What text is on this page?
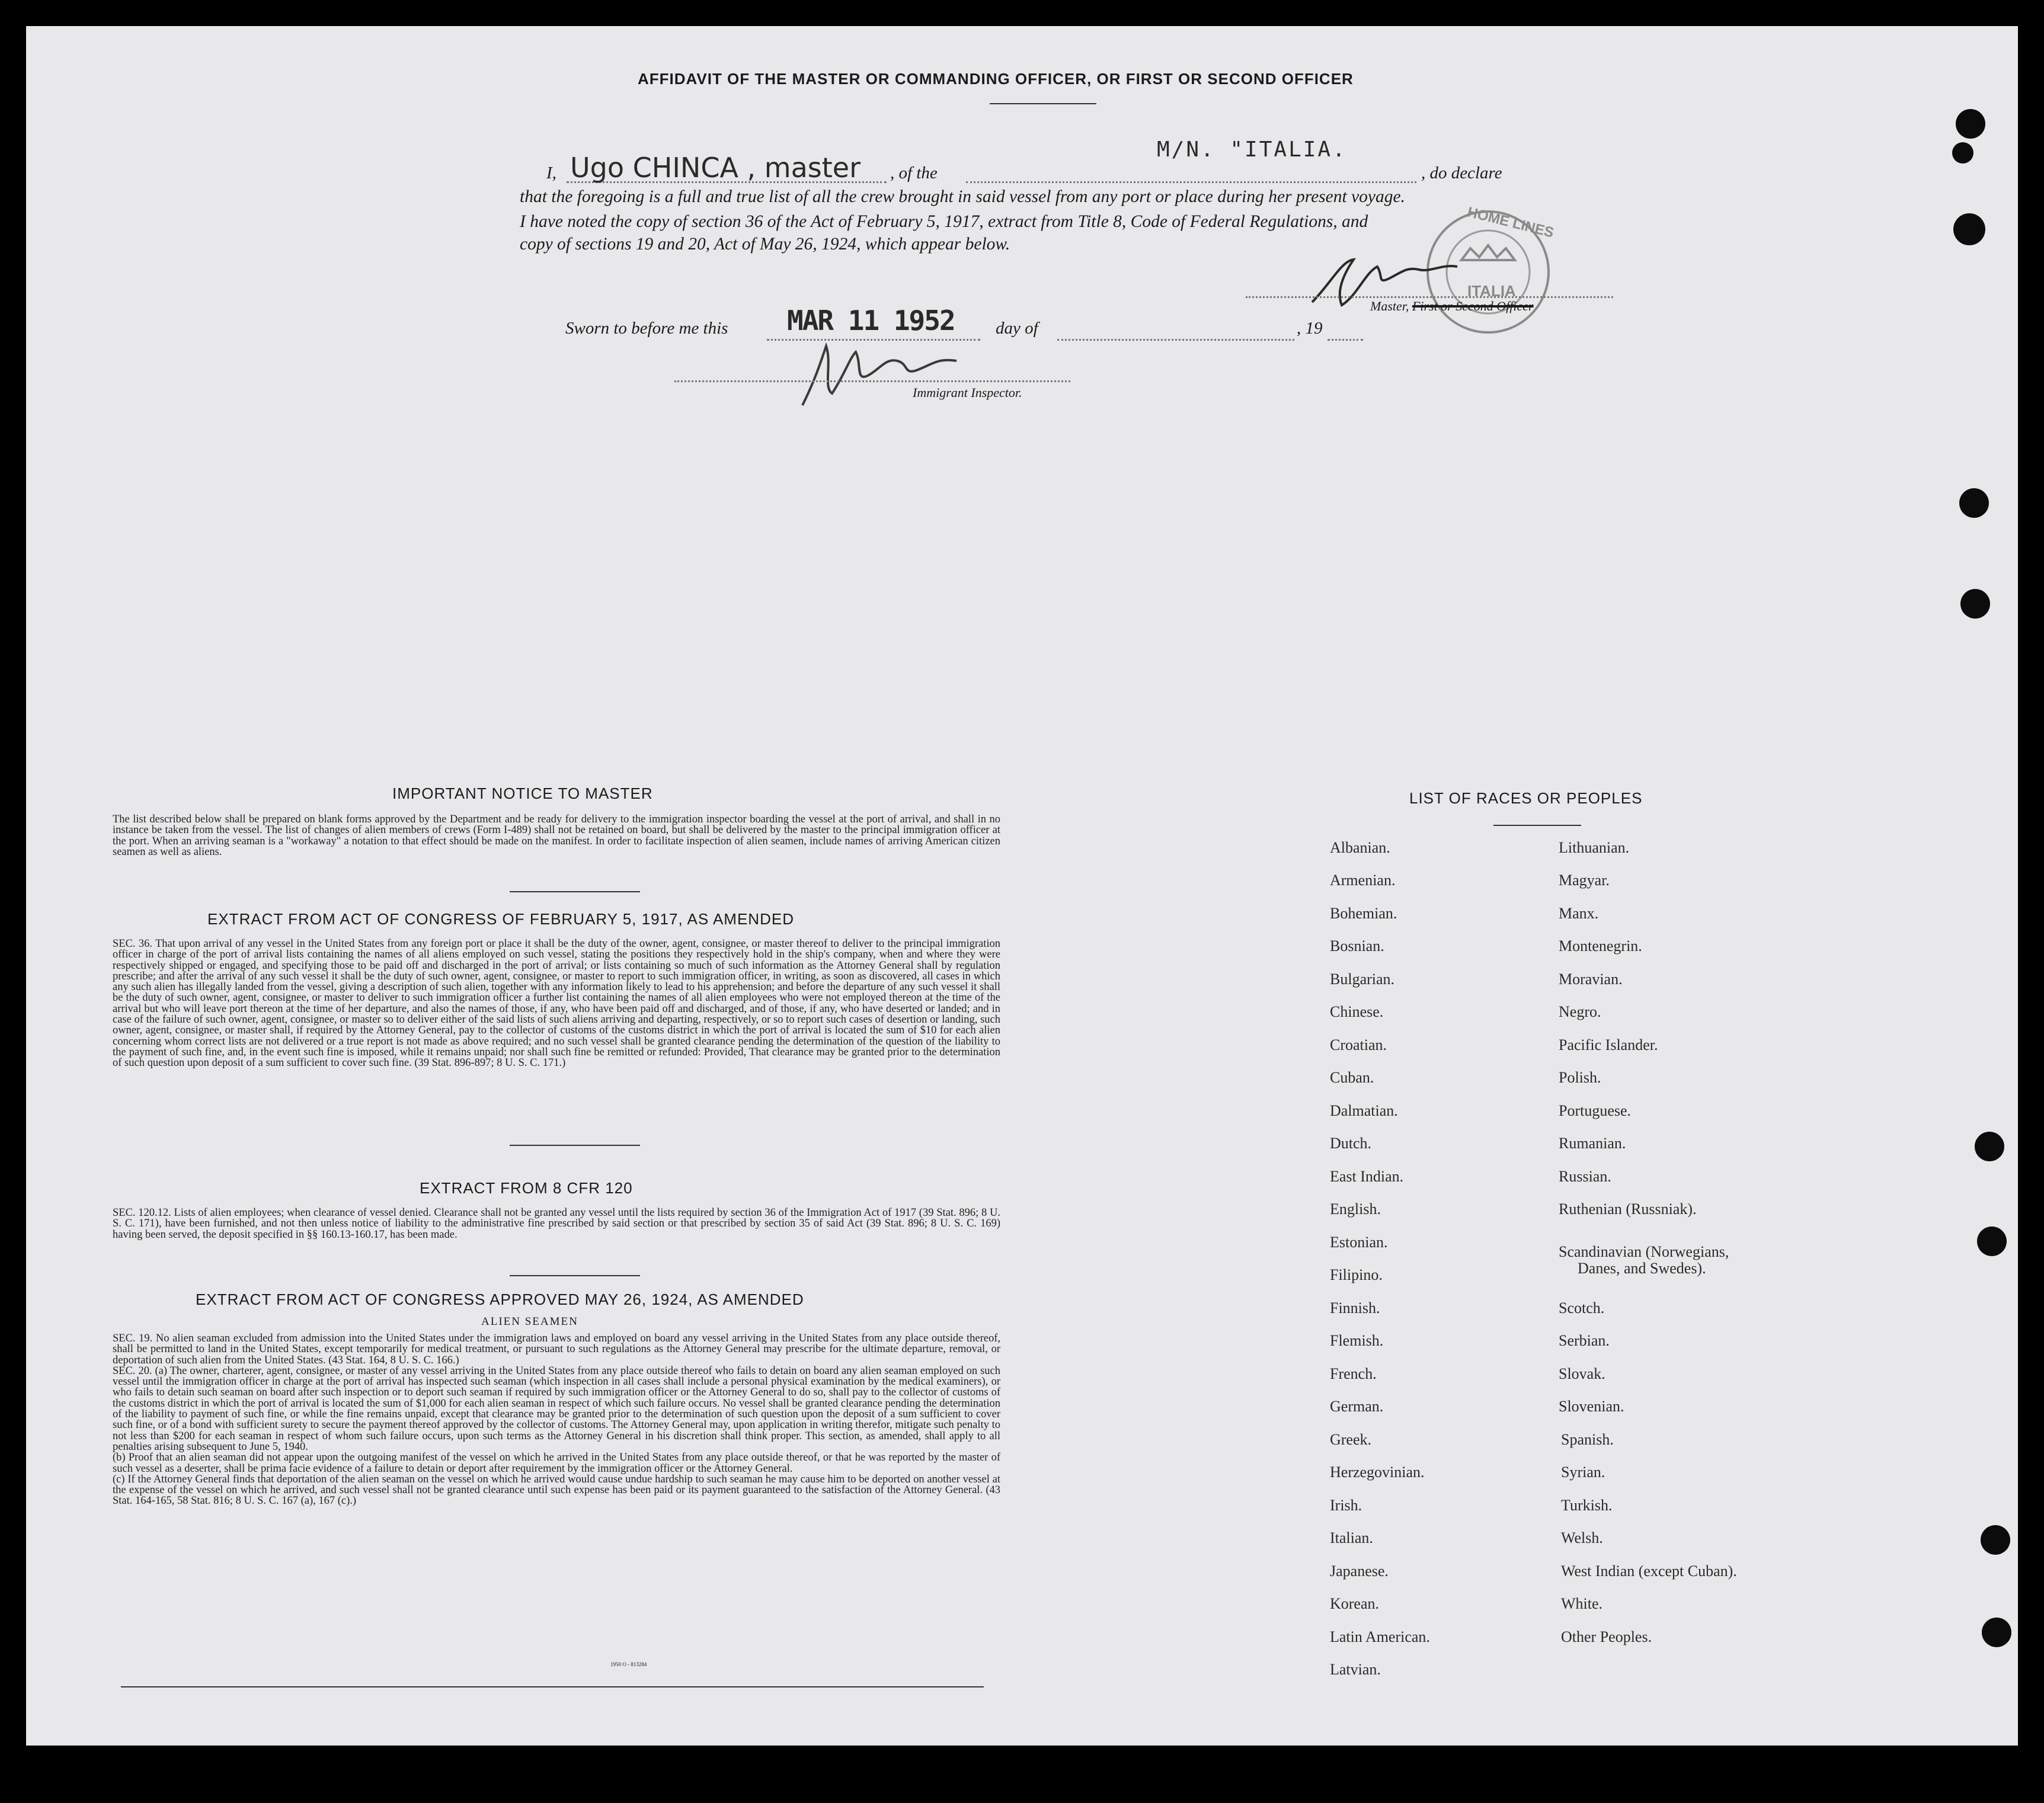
AFFIDAVIT OF THE MASTER OR COMMANDING OFFICER, OR FIRST OR SECOND OFFICER
I, Ugo CHINCA , master , of the
M/N. "ITALIA.
, do declare
that the foregoing is a full and true list of all the crew brought in said vessel from any port or place during her present voyage.
I have noted the copy of section 36 of the Act of February 5, 1917, extract from Title 8, Code of Federal Regulations, and
copy of sections 19 and 20, Act of May 26, 1924, which appear below.
HOME LINES
ITALIA
Master, First or Second Officer
Sworn to before me this MAR 11 1952 day of	, 19
Immigrant Inspector.
IMPORTANT NOTICE TO MASTER
The list described below shall be prepared on blank forms approved by the Department and be ready for delivery to the immigration inspector boarding the vessel at the port of arrival, and shall in no instance be taken from the vessel. The list of changes of alien members of crews (Form I-489) shall not be retained on board, but shall be delivered by the master to the principal immigration officer at the port. When an arriving seaman is a "workaway" a notation to that effect should be made on the manifest. In order to facilitate inspection of alien seamen, include names of arriving American citizen seamen as well as aliens.
EXTRACT FROM ACT OF CONGRESS OF FEBRUARY 5, 1917, AS AMENDED
SEC. 36. That upon arrival of any vessel in the United States from any foreign port or place it shall be the duty of the owner, agent, consignee, or master thereof to deliver to the principal immigration officer in charge of the port of arrival lists containing the names of all aliens employed on such vessel, stating the positions they respectively hold in the ship's company, when and where they were respectively shipped or engaged, and specifying those to be paid off and discharged in the port of arrival; or lists containing so much of such information as the Attorney General shall by regulation prescribe; and after the arrival of any such vessel it shall be the duty of such owner, agent, consignee, or master to report to such immigration officer, in writing, as soon as discovered, all cases in which any such alien has illegally landed from the vessel, giving a description of such alien, together with any information likely to lead to his apprehension; and before the departure of any such vessel it shall be the duty of such owner, agent, consignee, or master to deliver to such immigration officer a further list containing the names of all alien employees who were not employed thereon at the time of the arrival but who will leave port thereon at the time of her departure, and also the names of those, if any, who have been paid off and discharged, and of those, if any, who have deserted or landed; and in case of the failure of such owner, agent, consignee, or master so to deliver either of the said lists of such aliens arriving and departing, respectively, or so to report such cases of desertion or landing, such owner, agent, consignee, or master shall, if required by the Attorney General, pay to the collector of customs of the customs district in which the port of arrival is located the sum of $10 for each alien concerning whom correct lists are not delivered or a true report is not made as above required; and no such vessel shall be granted clearance pending the determination of the question of the liability to the payment of such fine, and, in the event such fine is imposed, while it remains unpaid; nor shall such fine be remitted or refunded: Provided, That clearance may be granted prior to the determination of such question upon deposit of a sum sufficient to cover such fine. (39 Stat. 896-897; 8 U. S. C. 171.)
EXTRACT FROM 8 CFR 120
SEC. 120.12. Lists of alien employees; when clearance of vessel denied. Clearance shall not be granted any vessel until the lists required by section 36 of the Immigration Act of 1917 (39 Stat. 896; 8 U. S. C. 171), have been furnished, and not then unless notice of liability to the administrative fine prescribed by said section or that prescribed by section 35 of said Act (39 Stat. 896; 8 U. S. C. 169) having been served, the deposit specified in §§ 160.13-160.17, has been made.
EXTRACT FROM ACT OF CONGRESS APPROVED MAY 26, 1924, AS AMENDED
ALIEN SEAMEN
SEC. 19. No alien seaman excluded from admission into the United States under the immigration laws and employed on board any vessel arriving in the United States from any place outside thereof, shall be permitted to land in the United States, except temporarily for medical treatment, or pursuant to such regulations as the Attorney General may prescribe for the ultimate departure, removal, or deportation of such alien from the United States. (43 Stat. 164, 8 U. S. C. 166.)
SEC. 20. (a) The owner, charterer, agent, consignee, or master of any vessel arriving in the United States from any place outside thereof who fails to detain on board any alien seaman employed on such vessel until the immigration officer in charge at the port of arrival has inspected such seaman (which inspection in all cases shall include a personal physical examination by the medical examiners), or who fails to detain such seaman on board after such inspection or to deport such seaman if required by such immigration officer or the Attorney General to do so, shall pay to the collector of customs of the customs district in which the port of arrival is located the sum of $1,000 for each alien seaman in respect of which such failure occurs. No vessel shall be granted clearance pending the determination of the liability to payment of such fine, or while the fine remains unpaid, except that clearance may be granted prior to the determination of such question upon the deposit of a sum sufficient to cover such fine, or of a bond with sufficient surety to secure the payment thereof approved by the collector of customs. The Attorney General may, upon application in writing therefor, mitigate such penalty to not less than $200 for each seaman in respect of whom such failure occurs, upon such terms as the Attorney General in his discretion shall think proper. This section, as amended, shall apply to all penalties arising subsequent to June 5, 1940.
(b) Proof that an alien seaman did not appear upon the outgoing manifest of the vessel on which he arrived in the United States from any place outside thereof, or that he was reported by the master of such vessel as a deserter, shall be prima facie evidence of a failure to detain or deport after requirement by the immigration officer or the Attorney General.
(c) If the Attorney General finds that deportation of the alien seaman on the vessel on which he arrived would cause undue hardship to such seaman he may cause him to be deported on another vessel at the expense of the vessel on which he arrived, and such vessel shall not be granted clearance until such expense has been paid or its payment guaranteed to the satisfaction of the Attorney General. (43 Stat. 164-165, 58 Stat. 816; 8 U. S. C. 167 (a), 167 (c).)
1950 O - 813284
LIST OF RACES OR PEOPLES
Albanian.
Armenian.
Bohemian.
Bosnian.
Bulgarian.
Chinese.
Croatian.
Cuban.
Dalmatian.
Dutch.
East Indian.
English.
Estonian.
Filipino.
Finnish.
Flemish.
French.
German.
Greek.
Herzegovinian.
Irish.
Italian.
Japanese.
Korean.
Latin American.
Latvian.
Lithuanian.
Magyar.
Manx.
Montenegrin.
Moravian.
Negro.
Pacific Islander.
Polish.
Portuguese.
Rumanian.
Russian.
Ruthenian (Russniak).
Scandinavian (Norwegians,
Danes, and Swedes).
Scotch.
Serbian.
Slovak.
Slovenian.
Spanish.
Syrian.
Turkish.
Welsh.
West Indian (except Cuban).
White.
Other Peoples.
